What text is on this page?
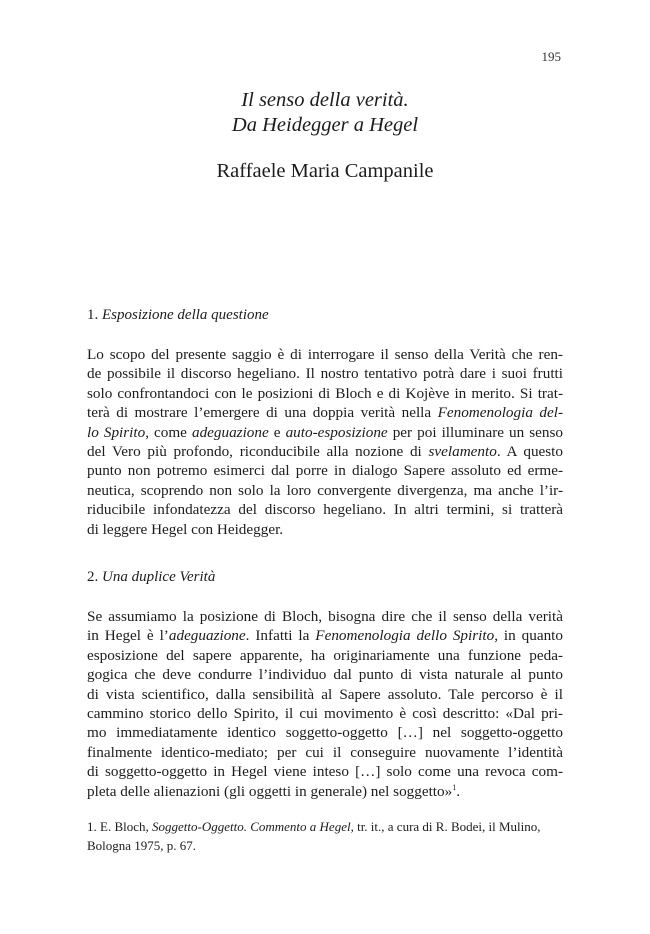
195
Il senso della verità.
Da Heidegger a Hegel
Raffaele Maria Campanile
1. Esposizione della questione

Lo scopo del presente saggio è di interrogare il senso della Verità che ren-
de possibile il discorso hegeliano. Il nostro tentativo potrà dare i suoi frutti
solo confrontandoci con le posizioni di Bloch e di Kojève in merito. Si trat-
terà di mostrare l’emergere di una doppia verità nella Fenomenologia del-
lo Spirito, come adeguazione e auto-esposizione per poi illuminare un senso
del Vero più profondo, riconducibile alla nozione di svelamento. A questo
punto non potremo esimerci dal porre in dialogo Sapere assoluto ed erme-
neutica, scoprendo non solo la loro convergente divergenza, ma anche l’ir-
riducibile infondatezza del discorso hegeliano. In altri termini, si tratterà
di leggere Hegel con Heidegger.

2. Una duplice Verità

Se assumiamo la posizione di Bloch, bisogna dire che il senso della verità
in Hegel è l’adeguazione. Infatti la Fenomenologia dello Spirito, in quanto
esposizione del sapere apparente, ha originariamente una funzione peda-
gogica che deve condurre l’individuo dal punto di vista naturale al punto
di vista scientifico, dalla sensibilità al Sapere assoluto. Tale percorso è il
cammino storico dello Spirito, il cui movimento è così descritto: «Dal pri-
mo immediatamente identico soggetto-oggetto […] nel soggetto-oggetto
finalmente identico-mediato; per cui il conseguire nuovamente l’identità
di soggetto-oggetto in Hegel viene inteso […] solo come una revoca com-
pleta delle alienazioni (gli oggetti in generale) nel soggetto»$^1$.

1. E. Bloch, Soggetto-Oggetto. Commento a Hegel, tr. it., a cura di R. Bodei, il Mulino,
Bologna 1975, p. 67.
